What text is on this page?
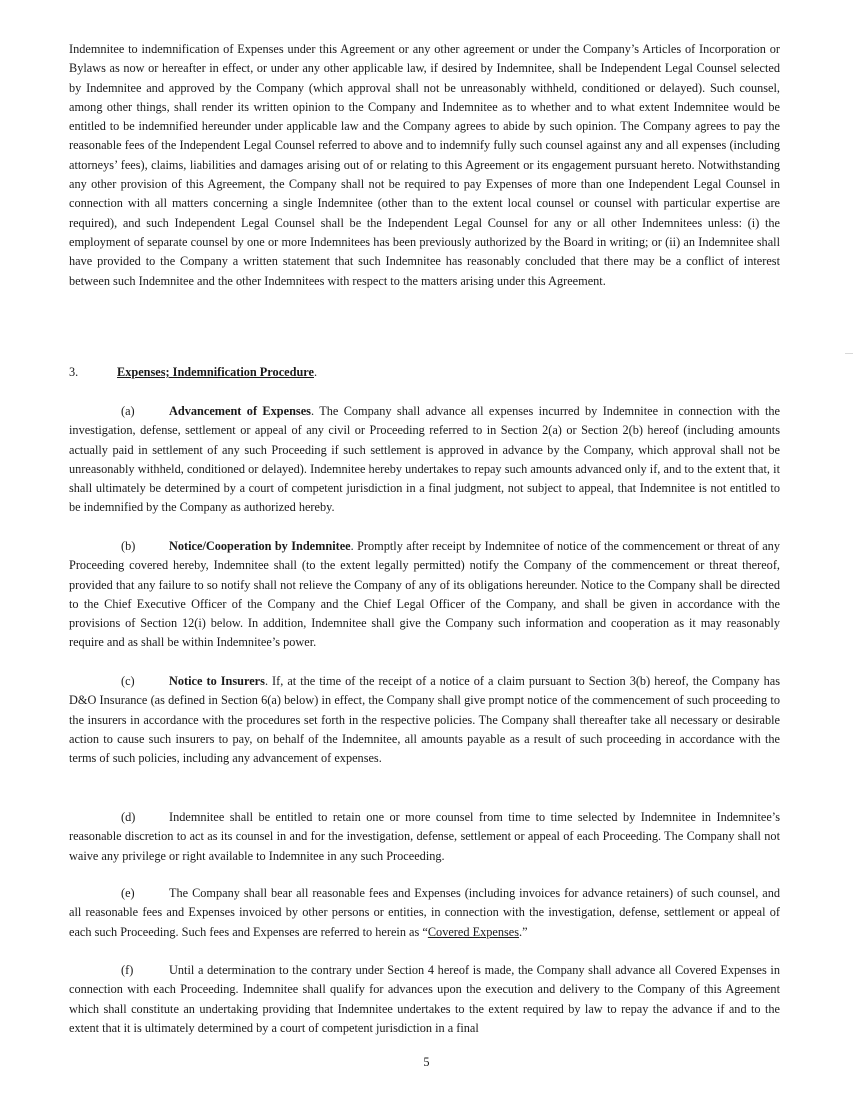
Indemnitee to indemnification of Expenses under this Agreement or any other agreement or under the Company’s Articles of Incorporation or Bylaws as now or hereafter in effect, or under any other applicable law, if desired by Indemnitee, shall be Independent Legal Counsel selected by Indemnitee and approved by the Company (which approval shall not be unreasonably withheld, conditioned or delayed). Such counsel, among other things, shall render its written opinion to the Company and Indemnitee as to whether and to what extent Indemnitee would be entitled to be indemnified hereunder under applicable law and the Company agrees to abide by such opinion. The Company agrees to pay the reasonable fees of the Independent Legal Counsel referred to above and to indemnify fully such counsel against any and all expenses (including attorneys’ fees), claims, liabilities and damages arising out of or relating to this Agreement or its engagement pursuant hereto. Notwithstanding any other provision of this Agreement, the Company shall not be required to pay Expenses of more than one Independent Legal Counsel in connection with all matters concerning a single Indemnitee (other than to the extent local counsel or counsel with particular expertise are required), and such Independent Legal Counsel shall be the Independent Legal Counsel for any or all other Indemnitees unless: (i) the employment of separate counsel by one or more Indemnitees has been previously authorized by the Board in writing; or (ii) an Indemnitee shall have provided to the Company a written statement that such Indemnitee has reasonably concluded that there may be a conflict of interest between such Indemnitee and the other Indemnitees with respect to the matters arising under this Agreement.

3.	Expenses; Indemnification Procedure.

(a)	Advancement of Expenses. The Company shall advance all expenses incurred by Indemnitee in connection with the investigation, defense, settlement or appeal of any civil or Proceeding referred to in Section 2(a) or Section 2(b) hereof (including amounts actually paid in settlement of any such Proceeding if such settlement is approved in advance by the Company, which approval shall not be unreasonably withheld, conditioned or delayed). Indemnitee hereby undertakes to repay such amounts advanced only if, and to the extent that, it shall ultimately be determined by a court of competent jurisdiction in a final judgment, not subject to appeal, that Indemnitee is not entitled to be indemnified by the Company as authorized hereby.

(b)	Notice/Cooperation by Indemnitee. Promptly after receipt by Indemnitee of notice of the commencement or threat of any Proceeding covered hereby, Indemnitee shall (to the extent legally permitted) notify the Company of the commencement or threat thereof, provided that any failure to so notify shall not relieve the Company of any of its obligations hereunder. Notice to the Company shall be directed to the Chief Executive Officer of the Company and the Chief Legal Officer of the Company, and shall be given in accordance with the provisions of Section 12(i) below. In addition, Indemnitee shall give the Company such information and cooperation as it may reasonably require and as shall be within Indemnitee’s power.

(c)	Notice to Insurers. If, at the time of the receipt of a notice of a claim pursuant to Section 3(b) hereof, the Company has D&O Insurance (as defined in Section 6(a) below) in effect, the Company shall give prompt notice of the commencement of such proceeding to the insurers in accordance with the procedures set forth in the respective policies. The Company shall thereafter take all necessary or desirable action to cause such insurers to pay, on behalf of the Indemnitee, all amounts payable as a result of such proceeding in accordance with the terms of such policies, including any advancement of expenses.

(d)	Indemnitee shall be entitled to retain one or more counsel from time to time selected by Indemnitee in Indemnitee’s reasonable discretion to act as its counsel in and for the investigation, defense, settlement or appeal of each Proceeding. The Company shall not waive any privilege or right available to Indemnitee in any such Proceeding.

(e)	The Company shall bear all reasonable fees and Expenses (including invoices for advance retainers) of such counsel, and all reasonable fees and Expenses invoiced by other persons or entities, in connection with the investigation, defense, settlement or appeal of each such Proceeding. Such fees and Expenses are referred to herein as “Covered Expenses.”

(f)	Until a determination to the contrary under Section 4 hereof is made, the Company shall advance all Covered Expenses in connection with each Proceeding. Indemnitee shall qualify for advances upon the execution and delivery to the Company of this Agreement which shall constitute an undertaking providing that Indemnitee undertakes to the extent required by law to repay the advance if and to the extent that it is ultimately determined by a court of competent jurisdiction in a final

5
